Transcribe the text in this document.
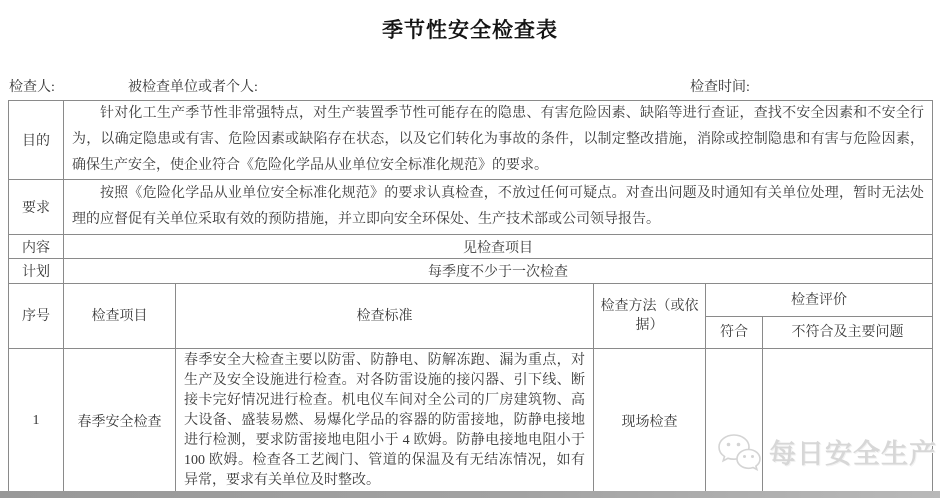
季节性安全检查表
检查人:	被检查单位或者个人:	检查时间:
目的	针对化工生产季节性非常强特点，对生产装置季节性可能存在的隐患、有害危险因素、缺陷等进行查证，查找不安全因素和不安全行为，以确定隐患或有害、危险因素或缺陷存在状态，以及它们转化为事故的条件，以制定整改措施，消除或控制隐患和有害与危险因素，确保生产安全，使企业符合《危险化学品从业单位安全标准化规范》的要求。				
要求	按照《危险化学品从业单位安全标准化规范》的要求认真检查，不放过任何可疑点。对查出问题及时通知有关单位处理，暂时无法处理的应督促有关单位采取有效的预防措施，并立即向安全环保处、生产技术部或公司领导报告。				
内容	见检查项目				
计划	每季度不少于一次检查				
序号	检查项目	检查标准	检查方法（或依据）	检查评价	
				符合	不符合及主要问题
1	春季安全检查	春季安全大检查主要以防雷、防静电、防解冻跑、漏为重点，对生产及安全设施进行检查。对各防雷设施的接闪器、引下线、断接卡完好情况进行检查。机电仪车间对全公司的厂房建筑物、高大设备、盛装易燃、易爆化学品的容器的防雷接地，防静电接地进行检测，要求防雷接地电阻小于 4 欧姆。防静电接地电阻小于 100 欧姆。检查各工艺阀门、管道的保温及有无结冻情况，如有异常，要求有关单位及时整改。	现场检查		
每日安全生产
